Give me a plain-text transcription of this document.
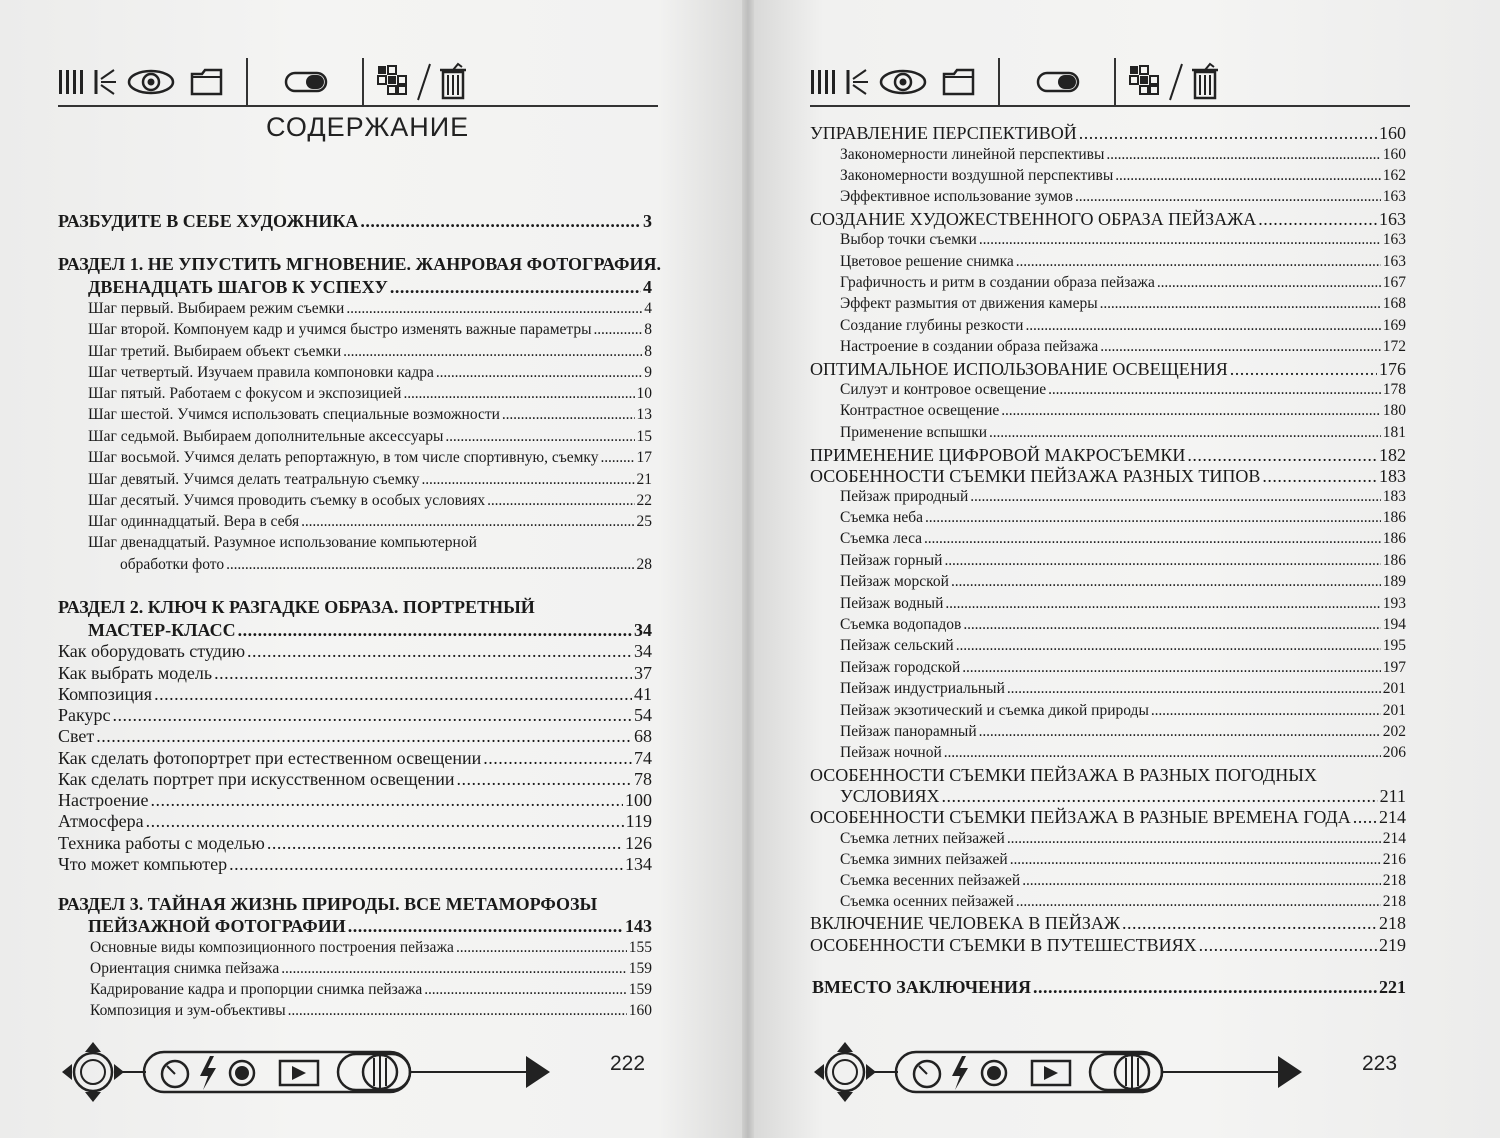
СОДЕРЖАНИЕ
РАЗБУДИТЕ В СЕБЕ ХУДОЖНИКА . . .	3
РАЗДЕЛ 1. НЕ УПУСТИТЬ МГНОВЕНИЕ. ЖАНРОВАЯ ФОТОГРАФИЯ.
ДВЕНАДЦАТЬ ШАГОВ К УСПЕХУ . . .	4
Шаг первый. Выбираем режим съемки . . .	4
Шаг второй. Компонуем кадр и учимся быстро изменять важные параметры . . .	8
Шаг третий. Выбираем объект съемки . . .	8
Шаг четвертый. Изучаем правила компоновки кадра . . .	9
Шаг пятый. Работаем с фокусом и экспозицией . . .	10
Шаг шестой. Учимся использовать специальные возможности . . .	13
Шаг седьмой. Выбираем дополнительные аксессуары . . .	15
Шаг восьмой. Учимся делать репортажную, в том числе спортивную, съемку . . . 17
Шаг девятый. Учимся делать театральную съемку . . .	21
Шаг десятый. Учимся проводить съемку в особых условиях . . .	22
Шаг одиннадцатый. Вера в себя . . .	25
Шаг двенадцатый. Разумное использование компьютерной
обработки фото . . .	28
РАЗДЕЛ 2. КЛЮЧ К РАЗГАДКЕ ОБРАЗА. ПОРТРЕТНЫЙ
МАСТЕР-КЛАСС . . .	34
Как оборудовать студию . . .	34
Как выбрать модель . . .	37
Композиция . . .	41
Ракурс . . .	54
Свет . . .	68
Как сделать фотопортрет при естественном освещении . . .	74
Как сделать портрет при искусственном освещении . . .	78
Настроение . . .	100
Атмосфера . . .	119
Техника работы с моделью . . .	126
Что может компьютер . . .	134
РАЗДЕЛ 3. ТАЙНАЯ ЖИЗНЬ ПРИРОДЫ. ВСЕ МЕТАМОРФОЗЫ
ПЕЙЗАЖНОЙ ФОТОГРАФИИ . . .	143
Основные виды композиционного построения пейзажа . . .	155
Ориентация снимка пейзажа . . .	159
Кадрирование кадра и пропорции снимка пейзажа . . .	159
Композиция и зум-объективы . . .	160
УПРАВЛЕНИЕ ПЕРСПЕКТИВОЙ . . .	160
Закономерности линейной перспективы . . .	160
Закономерности воздушной перспективы . . .	162
Эффективное использование зумов . . .	163
СОЗДАНИЕ ХУДОЖЕСТВЕННОГО ОБРАЗА ПЕЙЗАЖА . . .	163
Выбор точки съемки . . .	163
Цветовое решение снимка . . .	163
Графичность и ритм в создании образа пейзажа . . .	167
Эффект размытия от движения камеры . . .	168
Создание глубины резкости . . .	169
Настроение в создании образа пейзажа . . .	172
ОПТИМАЛЬНОЕ ИСПОЛЬЗОВАНИЕ ОСВЕЩЕНИЯ . . .	176
Силуэт и контровое освещение . . .	178
Контрастное освещение . . .	180
Применение вспышки . . .	181
ПРИМЕНЕНИЕ ЦИФРОВОЙ МАКРОСЪЕМКИ . . .	182
ОСОБЕННОСТИ СЪЕМКИ ПЕЙЗАЖА РАЗНЫХ ТИПОВ . . .	183
Пейзаж природный . . .	183
Съемка неба . . .	186
Съемка леса . . .	186
Пейзаж горный . . .	186
Пейзаж морской . . .	189
Пейзаж водный . . .	193
Съемка водопадов . . .	194
Пейзаж сельский . . .	195
Пейзаж городской . . .	197
Пейзаж индустриальный . . .	201
Пейзаж экзотический и съемка дикой природы . . .	201
Пейзаж панорамный . . .	202
Пейзаж ночной . . .	206
ОСОБЕННОСТИ СЪЕМКИ ПЕЙЗАЖА В РАЗНЫХ ПОГОДНЫХ
УСЛОВИЯХ . . .	211
ОСОБЕННОСТИ СЪЕМКИ ПЕЙЗАЖА В РАЗНЫЕ ВРЕМЕНА ГОДА . . . 214
Съемка летних пейзажей . . .	214
Съемка зимних пейзажей . . .	216
Съемка весенних пейзажей . . .	218
Съемка осенних пейзажей . . .	218
ВКЛЮЧЕНИЕ ЧЕЛОВЕКА В ПЕЙЗАЖ . . .	218
ОСОБЕННОСТИ СЪЕМКИ В ПУТЕШЕСТВИЯХ . . .	219
ВМЕСТО ЗАКЛЮЧЕНИЯ . . .	221
222	223
